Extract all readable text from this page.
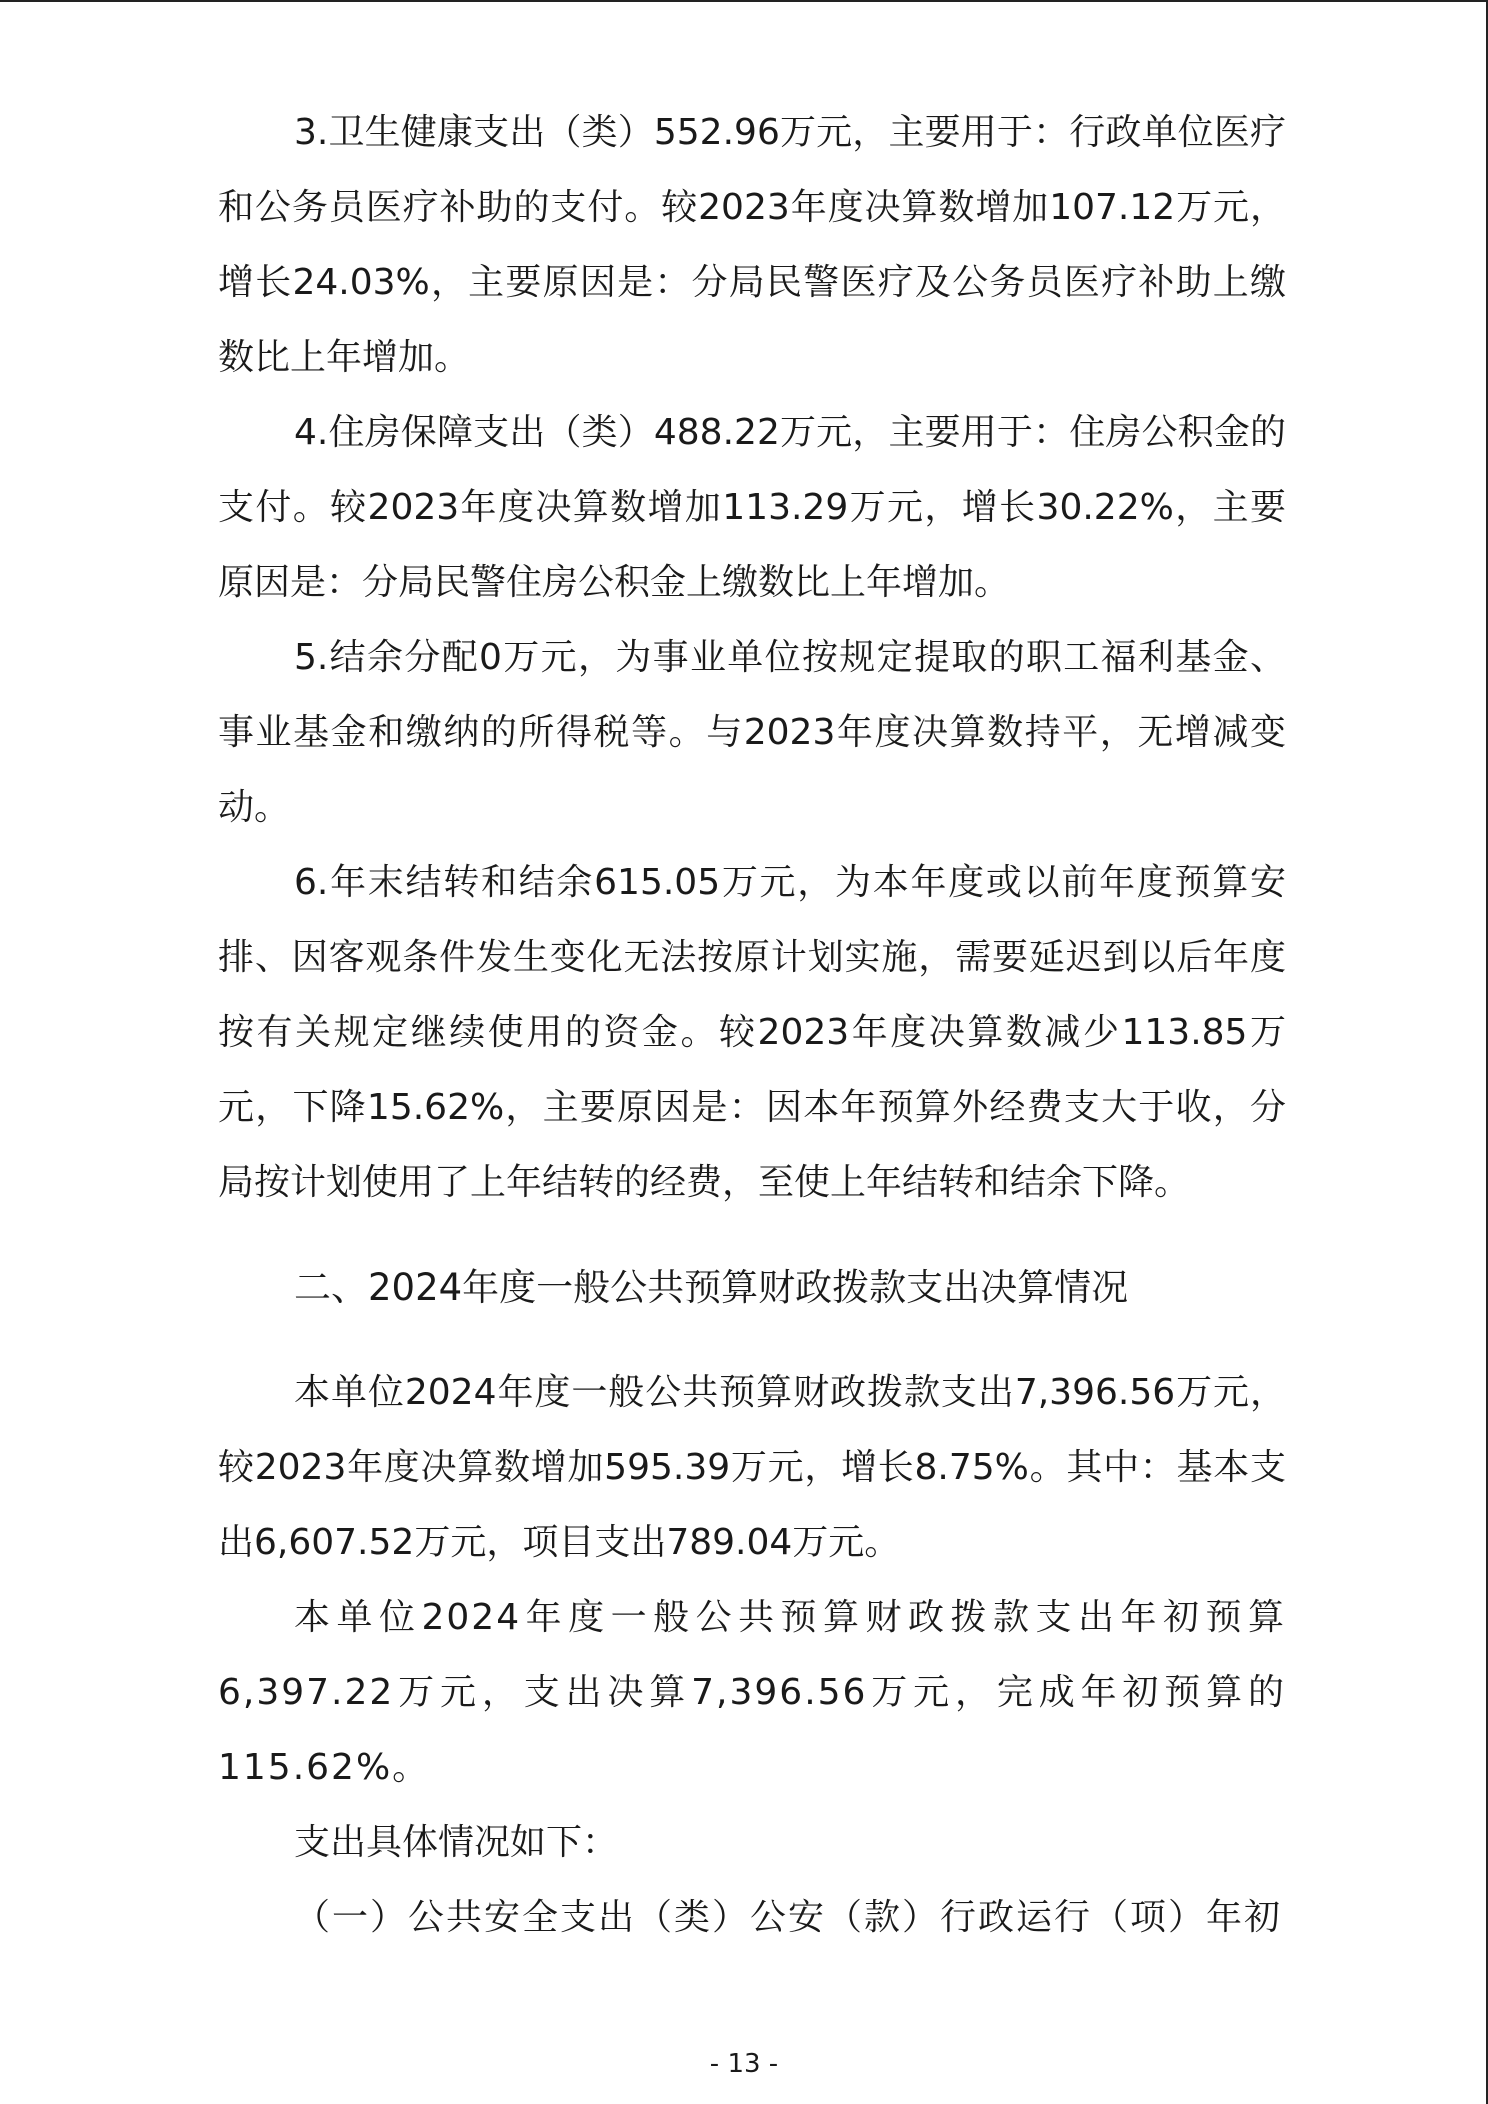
3.卫生健康支出（类）552.96万元，主要用于：行政单位医疗和公务员医疗补助的支付。较2023年度决算数增加107.12万元，增长24.03%，主要原因是：分局民警医疗及公务员医疗补助上缴数比上年增加。

4.住房保障支出（类）488.22万元，主要用于：住房公积金的支付。较2023年度决算数增加113.29万元，增长30.22%，主要原因是：分局民警住房公积金上缴数比上年增加。

5.结余分配0万元，为事业单位按规定提取的职工福利基金、事业基金和缴纳的所得税等。与2023年度决算数持平，无增减变动。

6.年末结转和结余615.05万元，为本年度或以前年度预算安排、因客观条件发生变化无法按原计划实施，需要延迟到以后年度按有关规定继续使用的资金。较2023年度决算数减少113.85万元，下降15.62%，主要原因是：因本年预算外经费支大于收，分局按计划使用了上年结转的经费，至使上年结转和结余下降。

二、2024年度一般公共预算财政拨款支出决算情况

本单位2024年度一般公共预算财政拨款支出7,396.56万元，较2023年度决算数增加595.39万元，增长8.75%。其中：基本支出6,607.52万元，项目支出789.04万元。

本单位2024年度一般公共预算财政拨款支出年初预算6,397.22万元，支出决算7,396.56万元，完成年初预算的115.62%。

支出具体情况如下：

（一）公共安全支出（类）公安（款）行政运行（项）年初

- 13 -
